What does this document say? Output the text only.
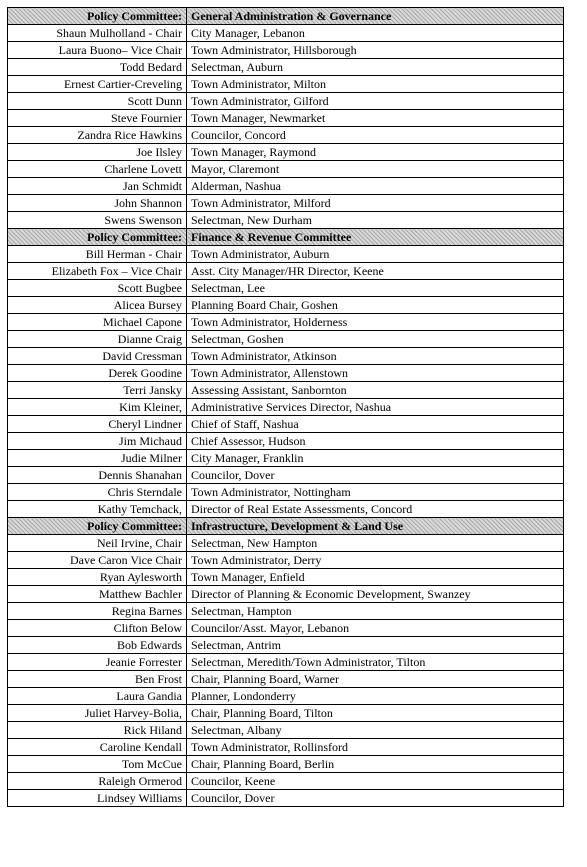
Policy Committee:	General Administration & Governance
Shaun Mulholland - Chair	City Manager, Lebanon
Laura Buono– Vice Chair	Town Administrator, Hillsborough
Todd Bedard	Selectman, Auburn
Ernest Cartier-Creveling	Town Administrator, Milton
Scott Dunn	Town Administrator, Gilford
Steve Fournier	Town Manager, Newmarket
Zandra Rice Hawkins	Councilor, Concord
Joe Ilsley	Town Manager, Raymond
Charlene Lovett	Mayor, Claremont
Jan Schmidt	Alderman, Nashua
John Shannon	Town Administrator, Milford
Swens Swenson	Selectman, New Durham
Policy Committee:	Finance & Revenue Committee
Bill Herman - Chair	Town Administrator, Auburn
Elizabeth Fox – Vice Chair	Asst. City Manager/HR Director, Keene
Scott Bugbee	Selectman, Lee
Alicea Bursey	Planning Board Chair, Goshen
Michael Capone	Town Administrator, Holderness
Dianne Craig	Selectman, Goshen
David Cressman	Town Administrator, Atkinson
Derek Goodine	Town Administrator, Allenstown
Terri Jansky	Assessing Assistant, Sanbornton
Kim Kleiner,	Administrative Services Director, Nashua
Cheryl Lindner	Chief of Staff, Nashua
Jim Michaud	Chief Assessor, Hudson
Judie Milner	City Manager, Franklin
Dennis Shanahan	Councilor, Dover
Chris Sterndale	Town Administrator, Nottingham
Kathy Temchack,	Director of Real Estate Assessments, Concord
Policy Committee:	Infrastructure, Development & Land Use
Neil Irvine, Chair	Selectman, New Hampton
Dave Caron Vice Chair	Town Administrator, Derry
Ryan Aylesworth	Town Manager, Enfield
Matthew Bachler	Director of Planning & Economic Development, Swanzey
Regina Barnes	Selectman, Hampton
Clifton Below	Councilor/Asst. Mayor, Lebanon
Bob Edwards	Selectman, Antrim
Jeanie Forrester	Selectman, Meredith/Town Administrator, Tilton
Ben Frost	Chair, Planning Board, Warner
Laura Gandia	Planner, Londonderry
Juliet Harvey-Bolia,	Chair, Planning Board, Tilton
Rick Hiland	Selectman, Albany
Caroline Kendall	Town Administrator, Rollinsford
Tom McCue	Chair, Planning Board, Berlin
Raleigh Ormerod	Councilor, Keene
Lindsey Williams	Councilor, Dover
